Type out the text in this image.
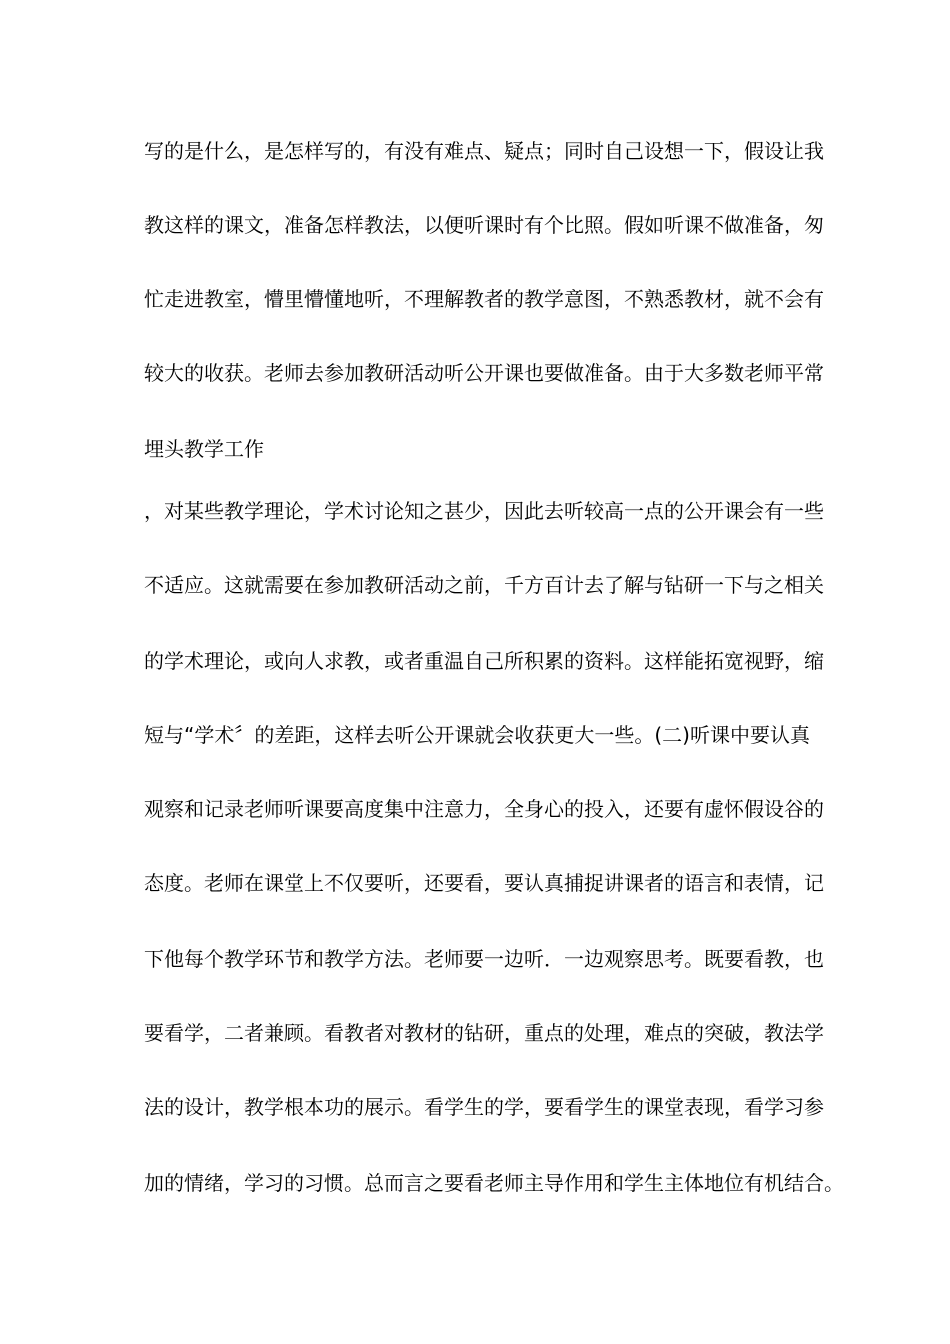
写的是什么，是怎样写的，有没有难点、疑点；同时自己设想一下，假设让我
教这样的课文，准备怎样教法，以便听课时有个比照。假如听课不做准备，匆
忙走进教室，懵里懵懂地听，不理解教者的教学意图，不熟悉教材，就不会有
较大的收获。老师去参加教研活动听公开课也要做准备。由于大多数老师平常
埋头教学工作
，对某些教学理论，学术讨论知之甚少，因此去听较高一点的公开课会有一些
不适应。这就需要在参加教研活动之前，千方百计去了解与钻研一下与之相关
的学术理论，或向人求教，或者重温自己所积累的资料。这样能拓宽视野，缩
短与“学术〞的差距，这样去听公开课就会收获更大一些。(二)听课中要认真
观察和记录老师听课要高度集中注意力，全身心的投入，还要有虚怀假设谷的
态度。老师在课堂上不仅要听，还要看，要认真捕捉讲课者的语言和表情，记
下他每个教学环节和教学方法。老师要一边听．一边观察思考。既要看教，也
要看学，二者兼顾。看教者对教材的钻研，重点的处理，难点的突破，教法学
法的设计，教学根本功的展示。看学生的学，要看学生的课堂表现，看学习参
加的情绪，学习的习惯。总而言之要看老师主导作用和学生主体地位有机结合。
